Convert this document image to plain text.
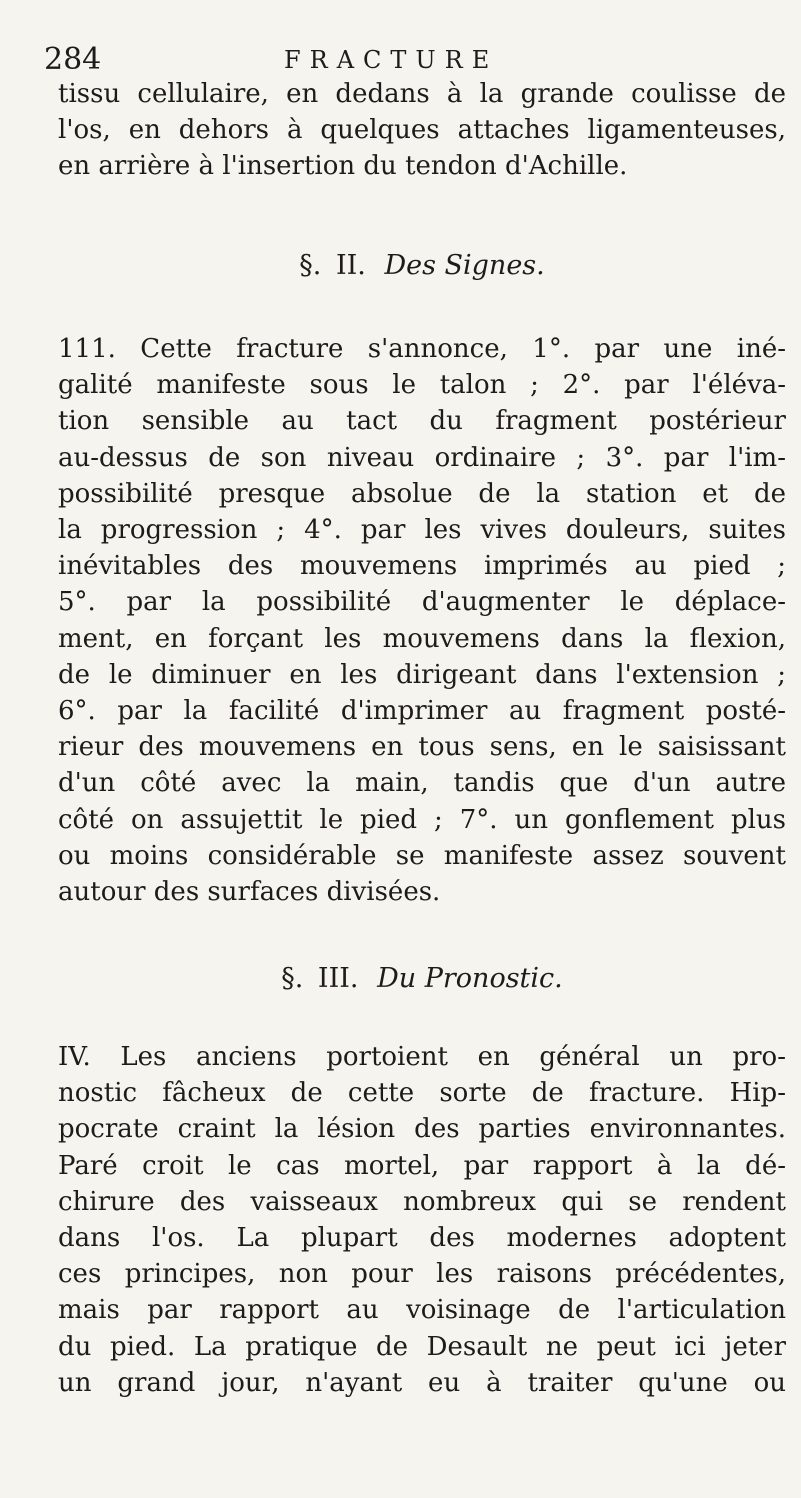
284	FRACTURE
tissu cellulaire, en dedans à la grande coulisse de
l'os, en dehors à quelques attaches ligamenteuses,
en arrière à l'insertion du tendon d'Achille.
§. II. Des Signes.
111. Cette fracture s'annonce, 1°. par une iné-
galité manifeste sous le talon ; 2°. par l'éléva-
tion sensible au tact du fragment postérieur
au-dessus de son niveau ordinaire ; 3°. par l'im-
possibilité presque absolue de la station et de
la progression ; 4°. par les vives douleurs, suites
inévitables des mouvemens imprimés au pied ;
5°. par la possibilité d'augmenter le déplace-
ment, en forçant les mouvemens dans la flexion,
de le diminuer en les dirigeant dans l'extension ;
6°. par la facilité d'imprimer au fragment posté-
rieur des mouvemens en tous sens, en le saisissant
d'un côté avec la main, tandis que d'un autre
côté on assujettit le pied ; 7°. un gonflement plus
ou moins considérable se manifeste assez souvent
autour des surfaces divisées.
§. III. Du Pronostic.
IV. Les anciens portoient en général un pro-
nostic fâcheux de cette sorte de fracture. Hip-
pocrate craint la lésion des parties environnantes.
Paré croit le cas mortel, par rapport à la dé-
chirure des vaisseaux nombreux qui se rendent
dans l'os. La plupart des modernes adoptent
ces principes, non pour les raisons précédentes,
mais par rapport au voisinage de l'articulation
du pied. La pratique de Desault ne peut ici jeter
un grand jour, n'ayant eu à traiter qu'une ou
